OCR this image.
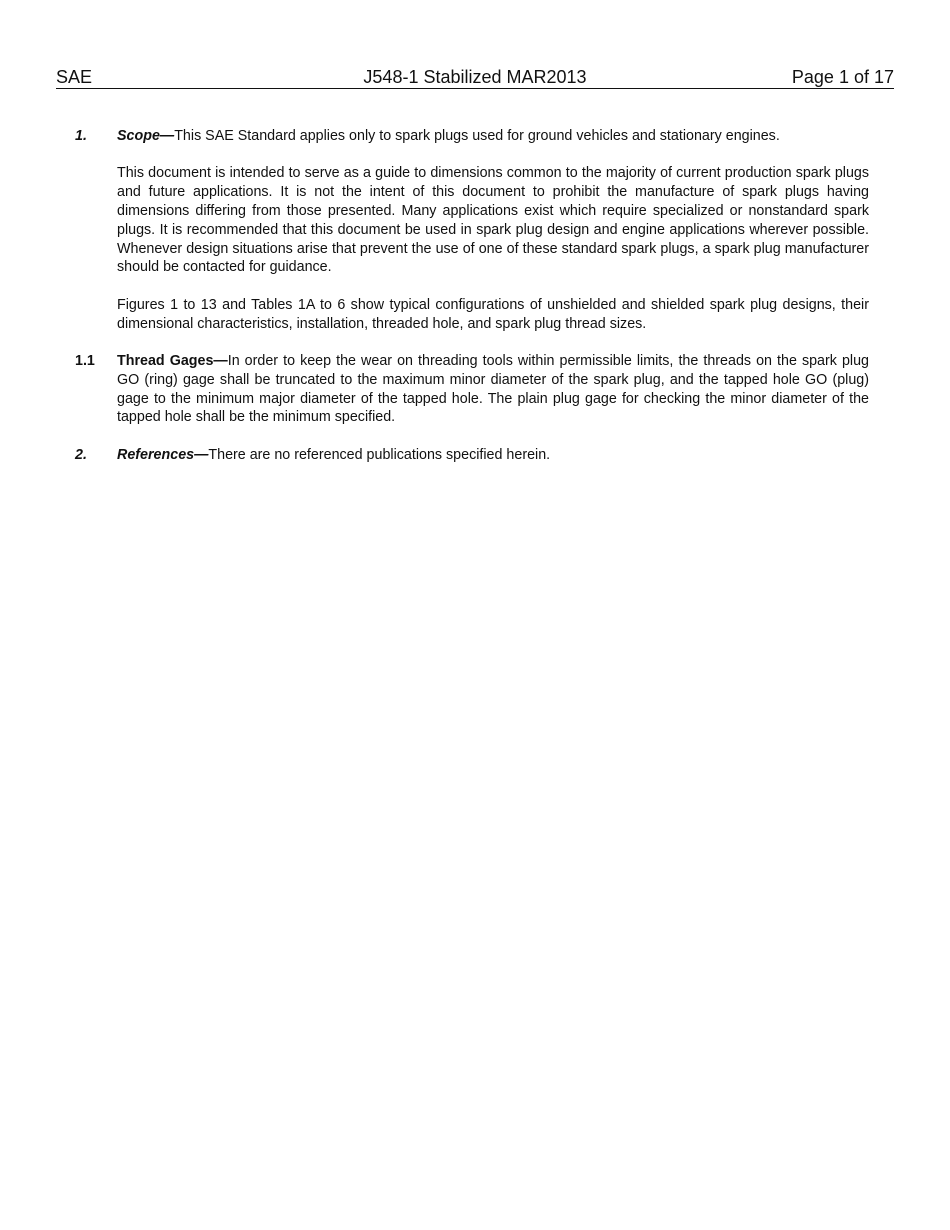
SAE	J548-1 Stabilized MAR2013	Page 1 of 17
1. Scope—This SAE Standard applies only to spark plugs used for ground vehicles and stationary engines.

This document is intended to serve as a guide to dimensions common to the majority of current production spark plugs and future applications. It is not the intent of this document to prohibit the manufacture of spark plugs having dimensions differing from those presented. Many applications exist which require specialized or nonstandard spark plugs. It is recommended that this document be used in spark plug design and engine applications wherever possible. Whenever design situations arise that prevent the use of one of these standard spark plugs, a spark plug manufacturer should be contacted for guidance.

Figures 1 to 13 and Tables 1A to 6 show typical configurations of unshielded and shielded spark plug designs, their dimensional characteristics, installation, threaded hole, and spark plug thread sizes.

1.1 Thread Gages—In order to keep the wear on threading tools within permissible limits, the threads on the spark plug GO (ring) gage shall be truncated to the maximum minor diameter of the spark plug, and the tapped hole GO (plug) gage to the minimum major diameter of the tapped hole. The plain plug gage for checking the minor diameter of the tapped hole shall be the minimum specified.

2. References—There are no referenced publications specified herein.
